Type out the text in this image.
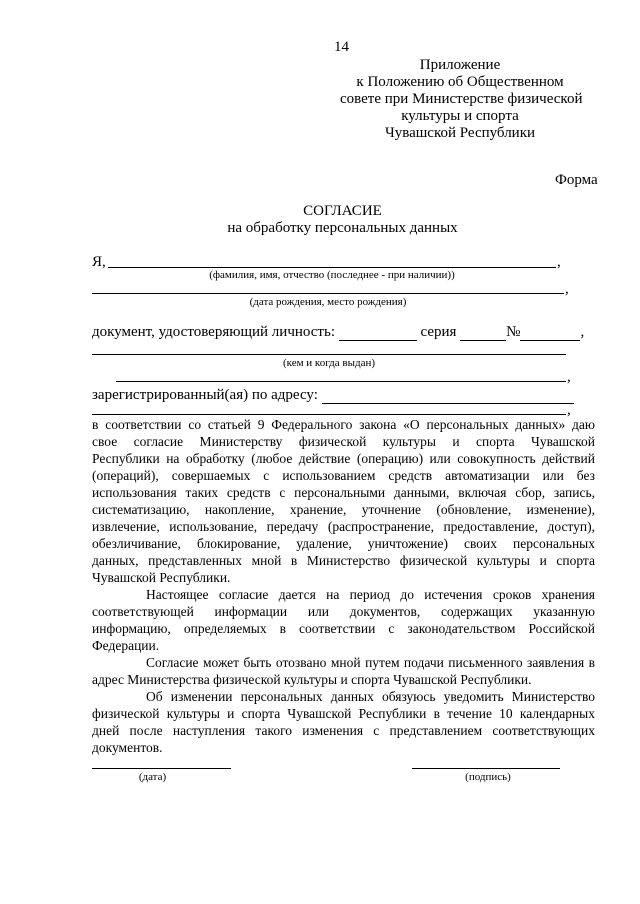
14
Приложение
к Положению об Общественном
совете при Министерстве физической
культуры и спорта
Чувашской Республики
Форма
СОГЛАСИЕ
на обработку персональных данных
Я,	,
(фамилия, имя, отчество (последнее - при наличии))
,
(дата рождения, место рождения)
документ, удостоверяющий личность:	серия	№	,
(кем и когда выдан)
,
зарегистрированный(ая) по адресу:
,
в соответствии со статьей 9 Федерального закона «О персональных данных» даю
свое согласие Министерству физической культуры и спорта Чувашской
Республики на обработку (любое действие (операцию) или совокупность действий
(операций), совершаемых с использованием средств автоматизации или без
использования таких средств с персональными данными, включая сбор, запись,
систематизацию, накопление, хранение, уточнение (обновление, изменение),
извлечение, использование, передачу (распространение, предоставление, доступ),
обезличивание, блокирование, удаление, уничтожение) своих персональных
данных, представленных мной в Министерство физической культуры и спорта
Чувашской Республики.
Настоящее согласие дается на период до истечения сроков хранения
соответствующей информации или документов, содержащих указанную
информацию, определяемых в соответствии с законодательством Российской
Федерации.
Согласие может быть отозвано мной путем подачи письменного заявления в
адрес Министерства физической культуры и спорта Чувашской Республики.
Об изменении персональных данных обязуюсь уведомить Министерство
физической культуры и спорта Чувашской Республики в течение 10 календарных
дней после наступления такого изменения с представлением соответствующих
документов.
(дата)	(подпись)
